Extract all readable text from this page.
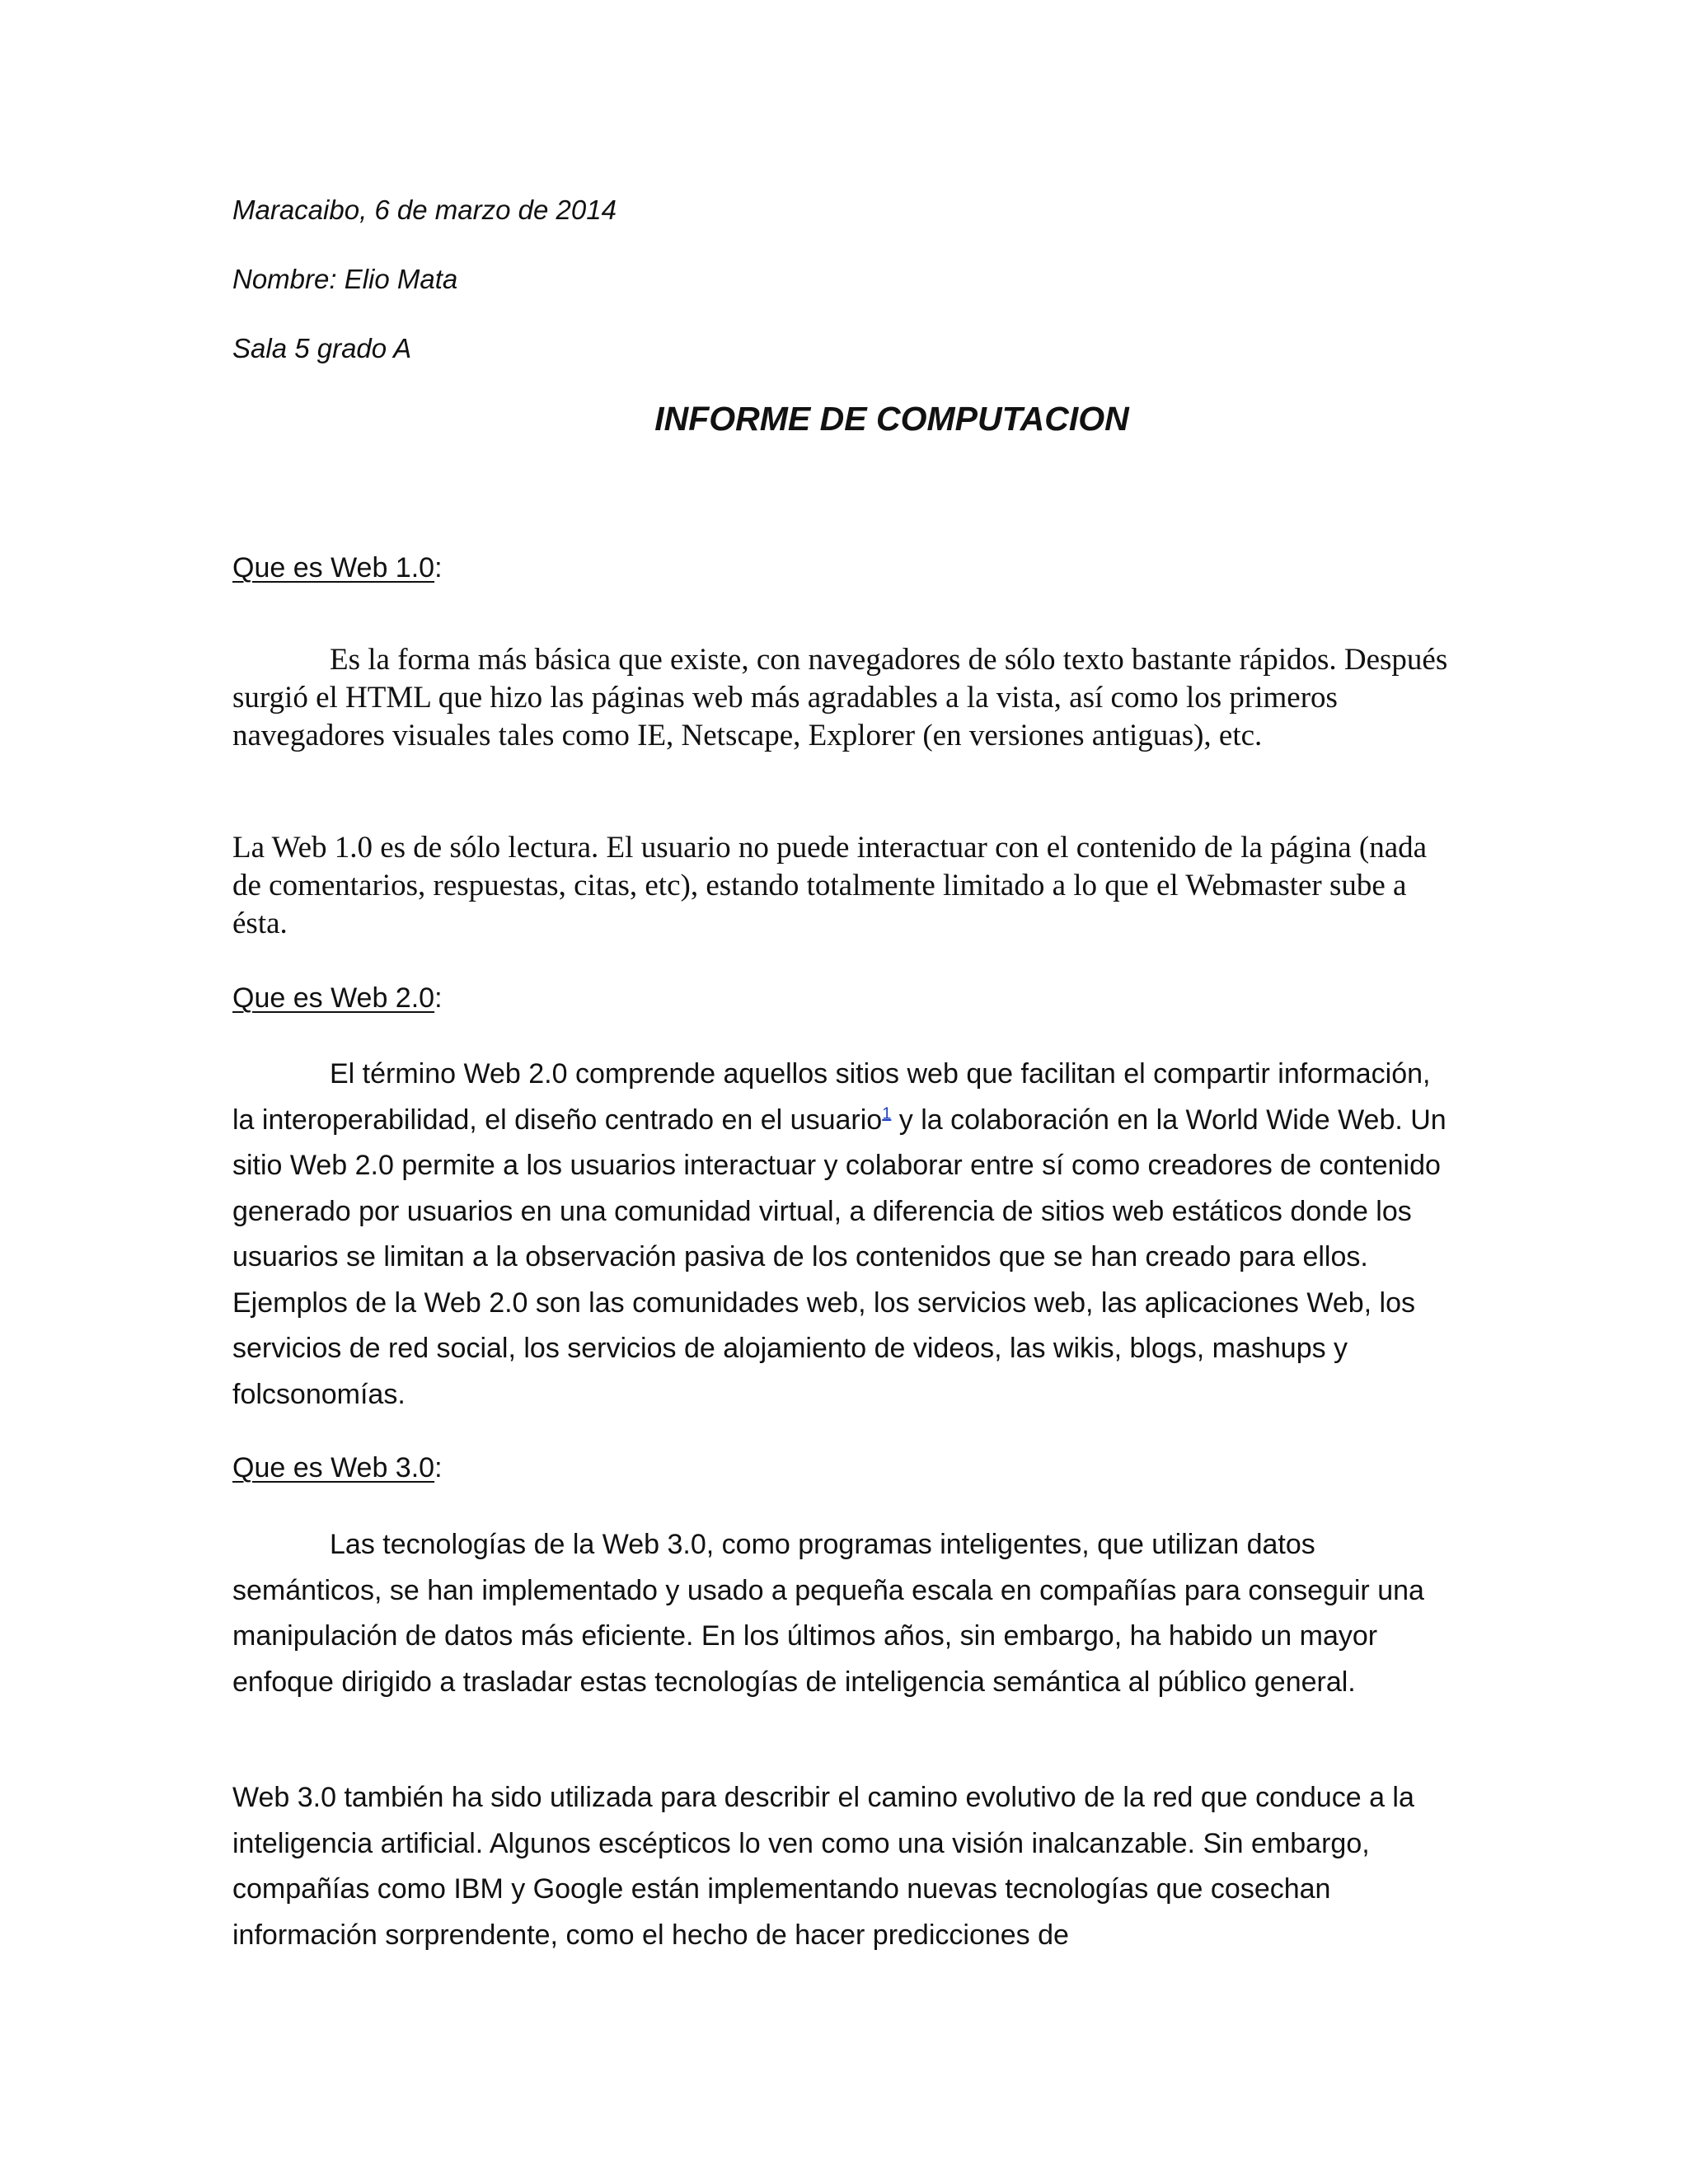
Maracaibo, 6 de marzo de 2014

Nombre: Elio Mata

Sala 5 grado A

INFORME DE COMPUTACION

Que es Web 1.0:

Es la forma más básica que existe, con navegadores de sólo texto bastante rápidos. Después surgió el HTML que hizo las páginas web más agradables a la vista, así como los primeros navegadores visuales tales como IE, Netscape, Explorer (en versiones antiguas), etc.

La Web 1.0 es de sólo lectura. El usuario no puede interactuar con el contenido de la página (nada de comentarios, respuestas, citas, etc), estando totalmente limitado a lo que el Webmaster sube a ésta.

Que es Web 2.0:

El término Web 2.0 comprende aquellos sitios web que facilitan el compartir información, la interoperabilidad, el diseño centrado en el usuario$^1$ y la colaboración en la World Wide Web. Un sitio Web 2.0 permite a los usuarios interactuar y colaborar entre sí como creadores de contenido generado por usuarios en una comunidad virtual, a diferencia de sitios web estáticos donde los usuarios se limitan a la observación pasiva de los contenidos que se han creado para ellos. Ejemplos de la Web 2.0 son las comunidades web, los servicios web, las aplicaciones Web, los servicios de red social, los servicios de alojamiento de videos, las wikis, blogs, mashups y folcsonomías.

Que es Web 3.0:

Las tecnologías de la Web 3.0, como programas inteligentes, que utilizan datos semánticos, se han implementado y usado a pequeña escala en compañías para conseguir una manipulación de datos más eficiente. En los últimos años, sin embargo, ha habido un mayor enfoque dirigido a trasladar estas tecnologías de inteligencia semántica al público general.

Web 3.0 también ha sido utilizada para describir el camino evolutivo de la red que conduce a la inteligencia artificial. Algunos escépticos lo ven como una visión inalcanzable. Sin embargo, compañías como IBM y Google están implementando nuevas tecnologías que cosechan información sorprendente, como el hecho de hacer predicciones de
